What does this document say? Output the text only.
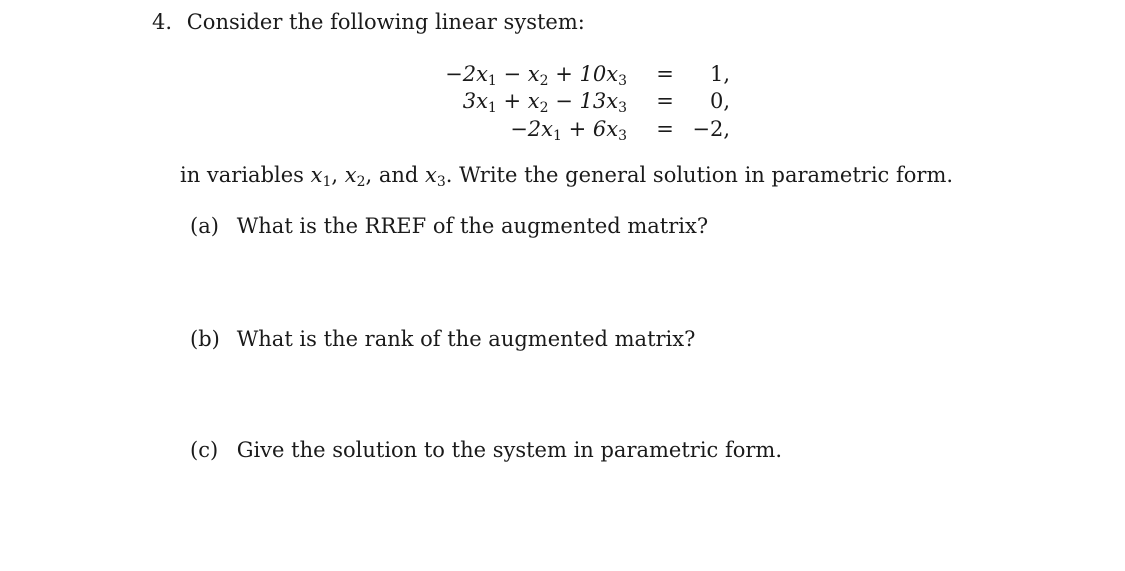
4. Consider the following linear system:
$-2x_1 - x_2 + 10x_3$ =	1,
$3x_1 + x_2 - 13x_3$ =	0,
$-2x_1 + 6x_3 = -2$,
in variables $x_1$, $x_2$, and $x_3$. Write the general solution in parametric form.
(a) What is the RREF of the augmented matrix?
(b) What is the rank of the augmented matrix?
(c) Give the solution to the system in parametric form.
